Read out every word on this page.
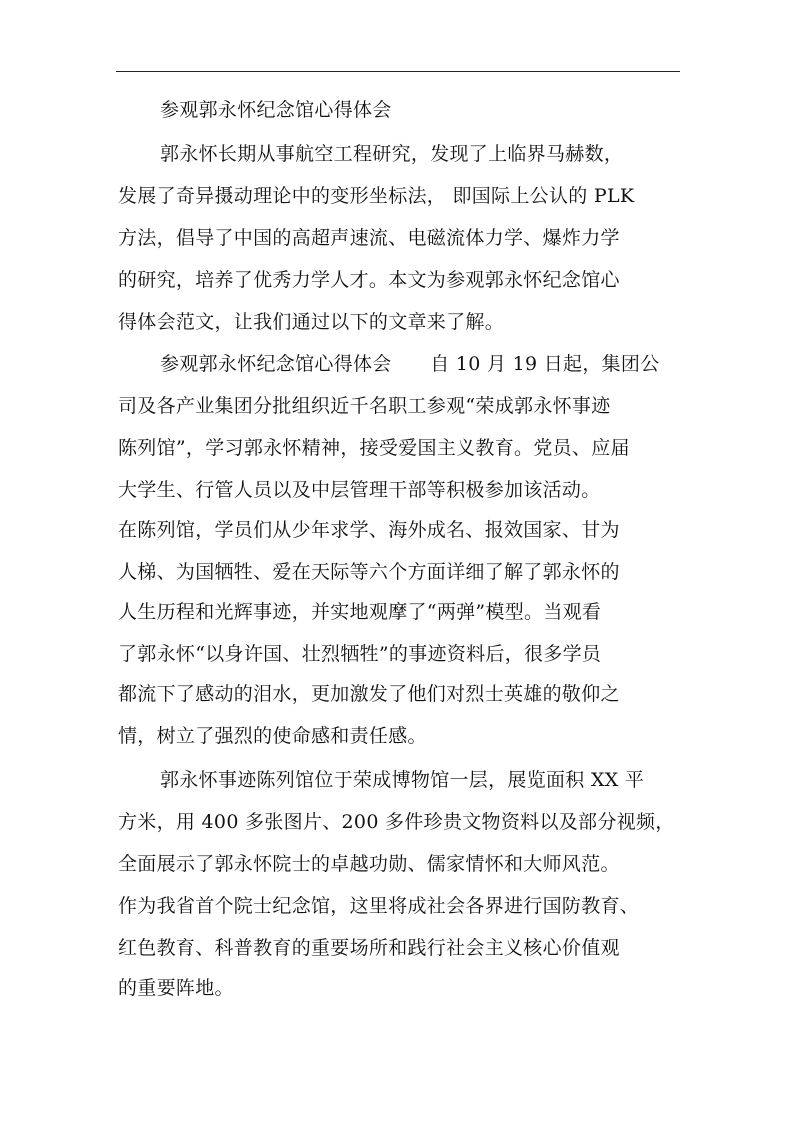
参观郭永怀纪念馆心得体会
郭永怀长期从事航空工程研究，发现了上临界马赫数，
发展了奇异摄动理论中的变形坐标法， 即国际上公认的 PLK
方法，倡导了中国的高超声速流、电磁流体力学、爆炸力学
的研究，培养了优秀力学人才。本文为参观郭永怀纪念馆心
得体会范文，让我们通过以下的文章来了解。
参观郭永怀纪念馆心得体会　　自 10 月 19 日起，集团公
司及各产业集团分批组织近千名职工参观“荣成郭永怀事迹
陈列馆”，学习郭永怀精神，接受爱国主义教育。党员、应届
大学生、行管人员以及中层管理干部等积极参加该活动。
在陈列馆，学员们从少年求学、海外成名、报效国家、甘为
人梯、为国牺牲、爱在天际等六个方面详细了解了郭永怀的
人生历程和光辉事迹，并实地观摩了“两弹”模型。当观看
了郭永怀“以身许国、壮烈牺牲”的事迹资料后，很多学员
都流下了感动的泪水，更加激发了他们对烈士英雄的敬仰之
情，树立了强烈的使命感和责任感。
郭永怀事迹陈列馆位于荣成博物馆一层，展览面积 XX 平
方米，用 400 多张图片、200 多件珍贵文物资料以及部分视频，
全面展示了郭永怀院士的卓越功勋、儒家情怀和大师风范。
作为我省首个院士纪念馆，这里将成社会各界进行国防教育、
红色教育、科普教育的重要场所和践行社会主义核心价值观
的重要阵地。
